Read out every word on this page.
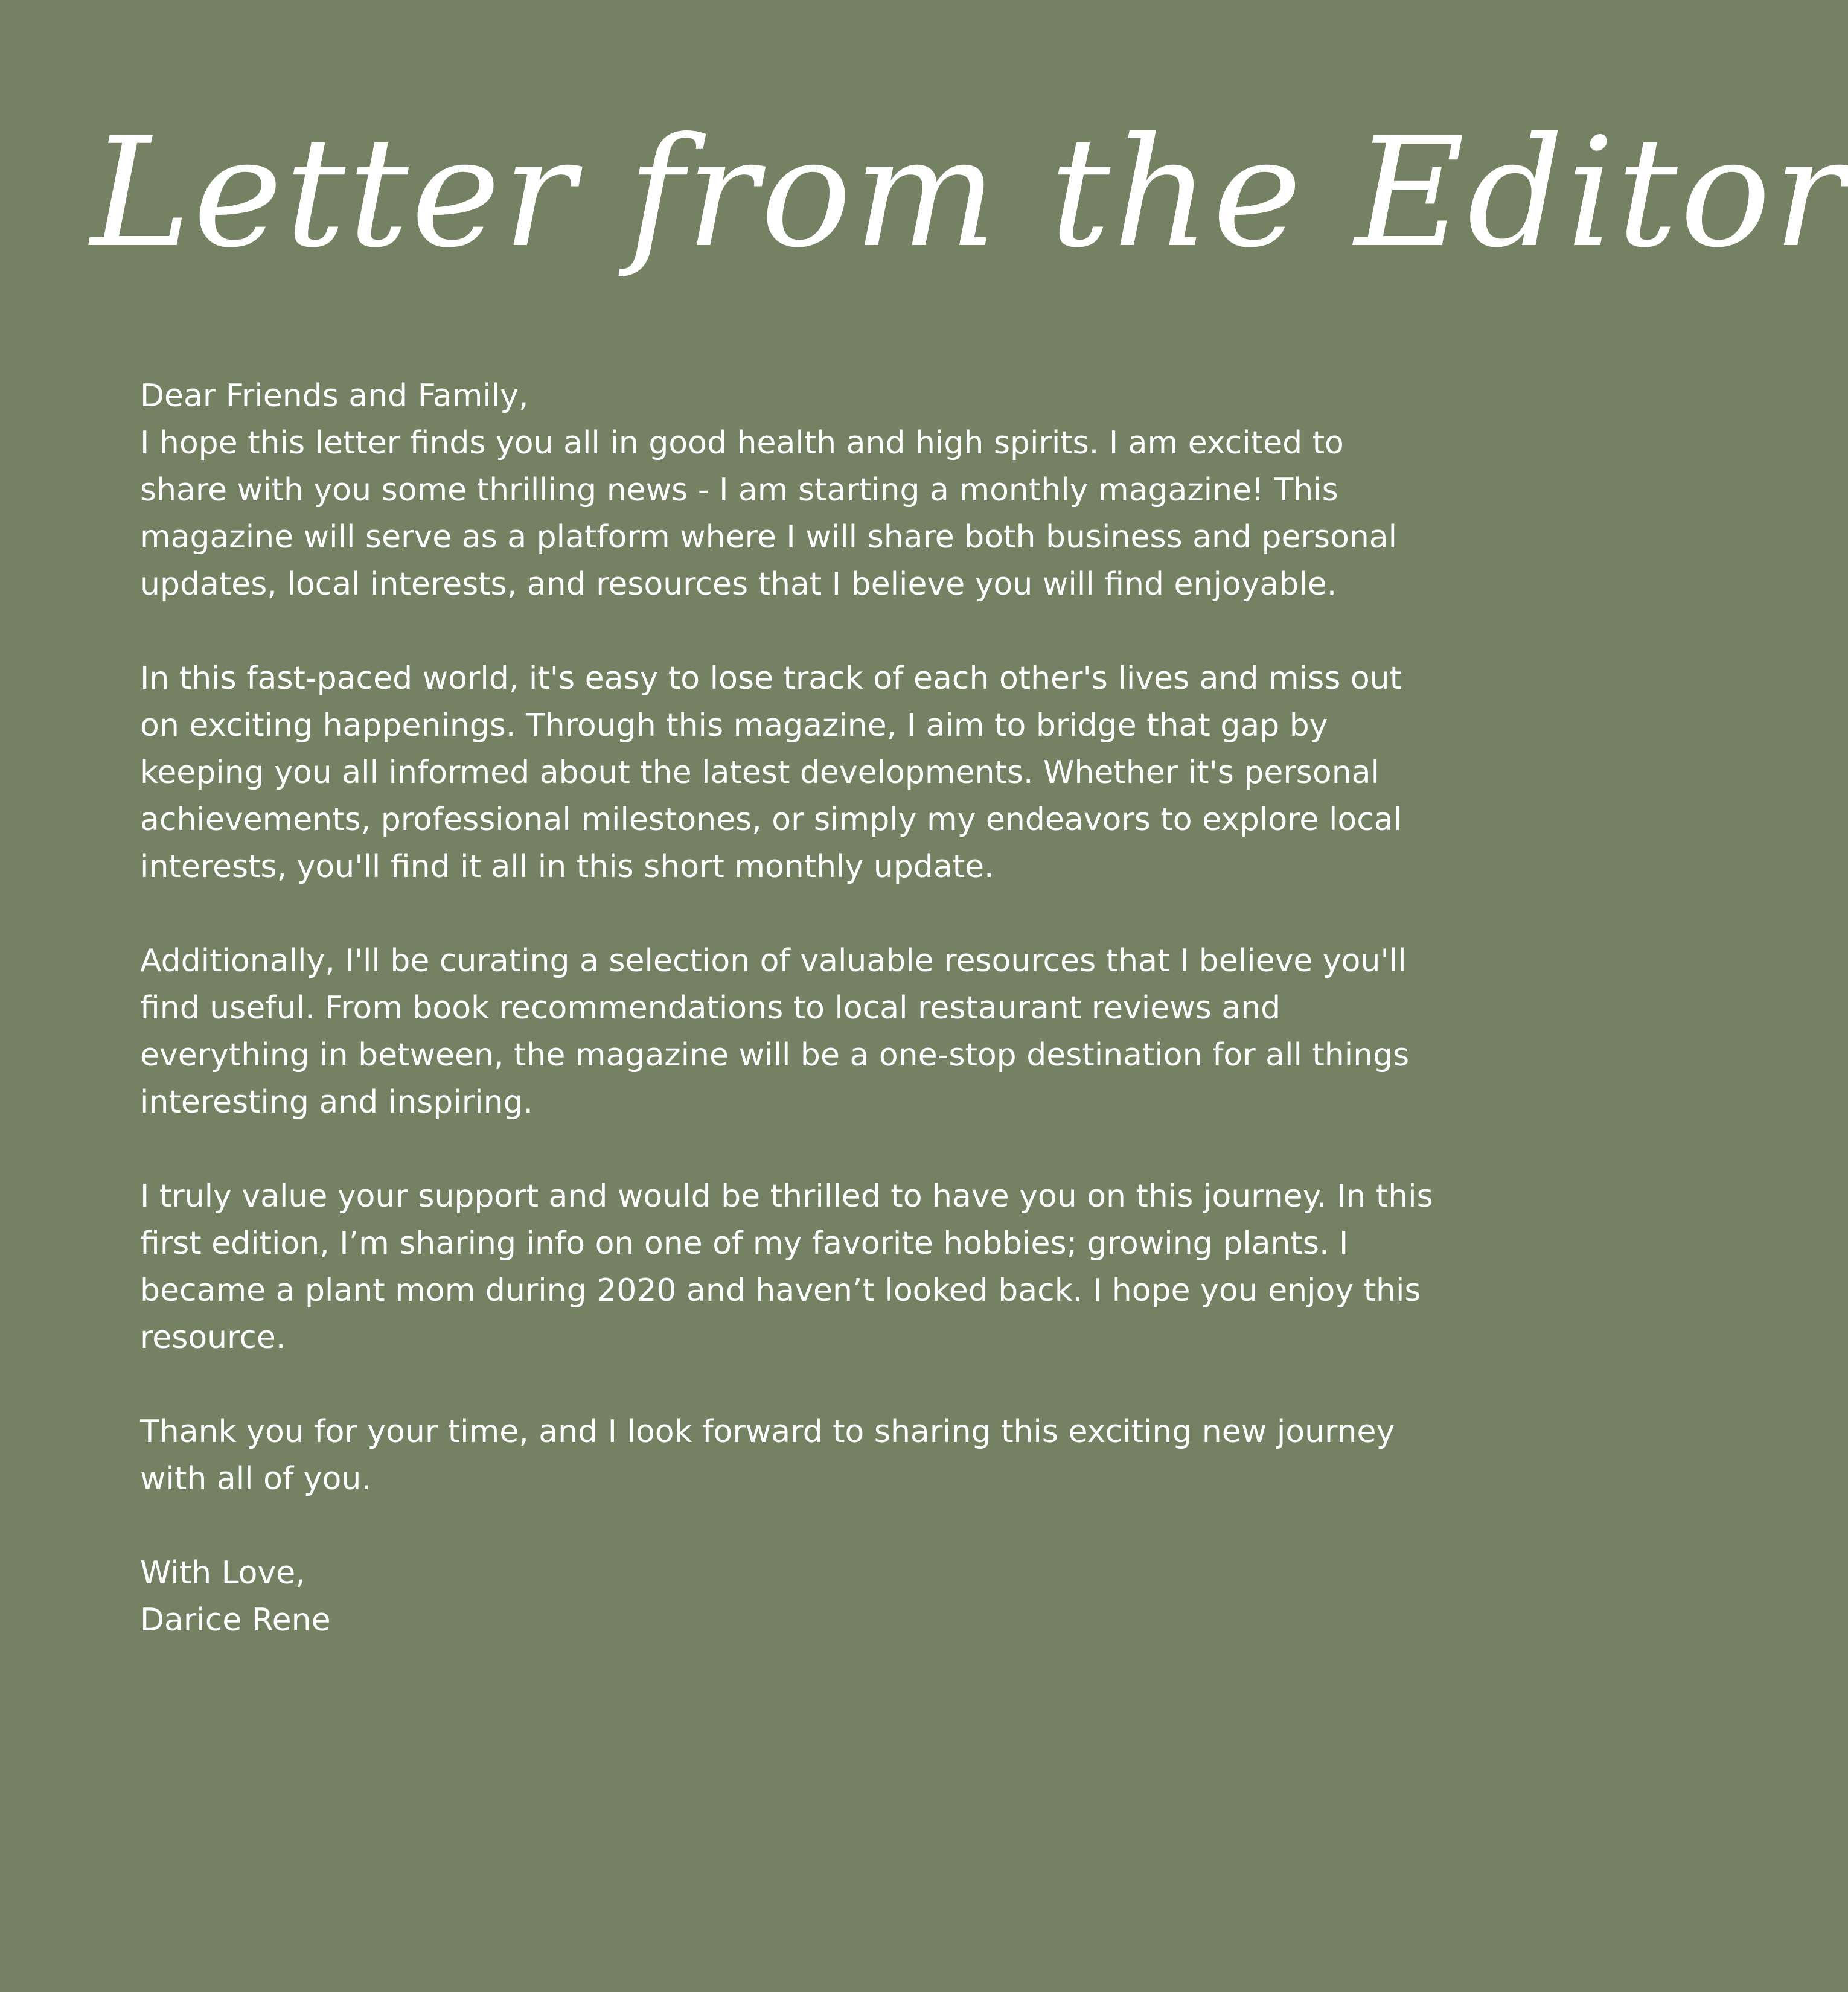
Letter from the Editor

Dear Friends and Family,

I hope this letter finds you all in good health and high spirits. I am excited to

share with you some thrilling news - I am starting a monthly magazine! This

magazine will serve as a platform where I will share both business and personal

updates, local interests, and resources that I believe you will find enjoyable.

In this fast-paced world, it's easy to lose track of each other's lives and miss out

on exciting happenings. Through this magazine, I aim to bridge that gap by

keeping you all informed about the latest developments. Whether it's personal

achievements, professional milestones, or simply my endeavors to explore local

interests, you'll find it all in this short monthly update.

Additionally, I'll be curating a selection of valuable resources that I believe you'll

find useful. From book recommendations to local restaurant reviews and

everything in between, the magazine will be a one-stop destination for all things

interesting and inspiring.

I truly value your support and would be thrilled to have you on this journey. In this

first edition, I’m sharing info on one of my favorite hobbies; growing plants. I

became a plant mom during 2020 and haven’t looked back. I hope you enjoy this

resource.

Thank you for your time, and I look forward to sharing this exciting new journey

with all of you.

With Love,

Darice Rene
